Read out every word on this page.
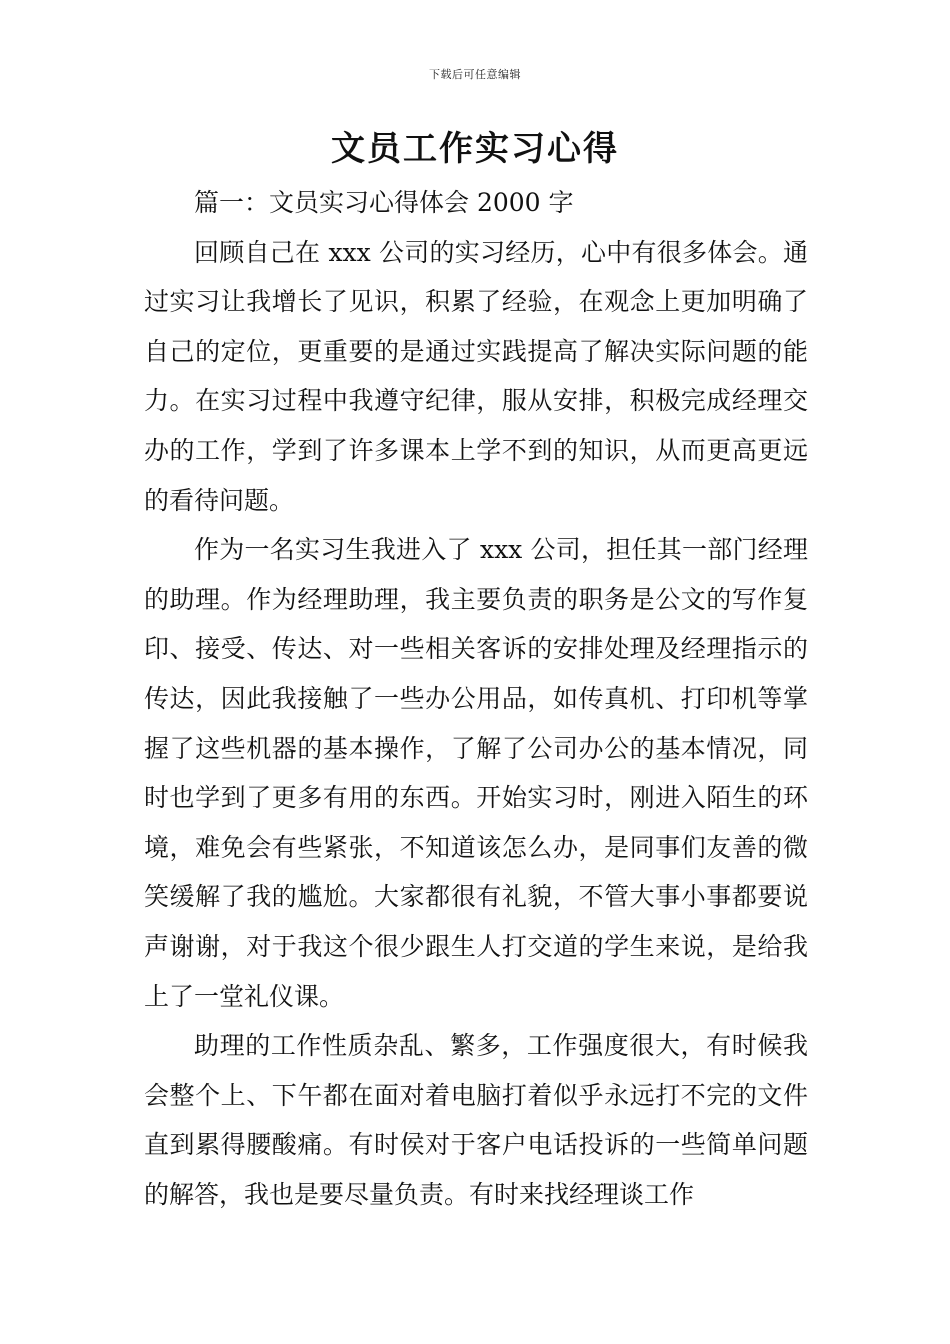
下载后可任意编辑
文员工作实习心得

篇一：文员实习心得体会 2000 字

回顾自己在 xxx 公司的实习经历，心中有很多体会。通过实习让我增长了见识，积累了经验，在观念上更加明确了自己的定位，更重要的是通过实践提高了解决实际问题的能力。在实习过程中我遵守纪律，服从安排，积极完成经理交办的工作，学到了许多课本上学不到的知识，从而更高更远的看待问题。

作为一名实习生我进入了 xxx 公司，担任其一部门经理的助理。作为经理助理，我主要负责的职务是公文的写作复印、接受、传达、对一些相关客诉的安排处理及经理指示的传达，因此我接触了一些办公用品，如传真机、打印机等掌握了这些机器的基本操作，了解了公司办公的基本情况，同时也学到了更多有用的东西。开始实习时，刚进入陌生的环境，难免会有些紧张，不知道该怎么办，是同事们友善的微笑缓解了我的尴尬。大家都很有礼貌，不管大事小事都要说声谢谢，对于我这个很少跟生人打交道的学生来说，是给我上了一堂礼仪课。

助理的工作性质杂乱、繁多，工作强度很大，有时候我会整个上、下午都在面对着电脑打着似乎永远打不完的文件直到累得腰酸痛。有时侯对于客户电话投诉的一些简单问题的解答，我也是要尽量负责。有时来找经理谈工作
